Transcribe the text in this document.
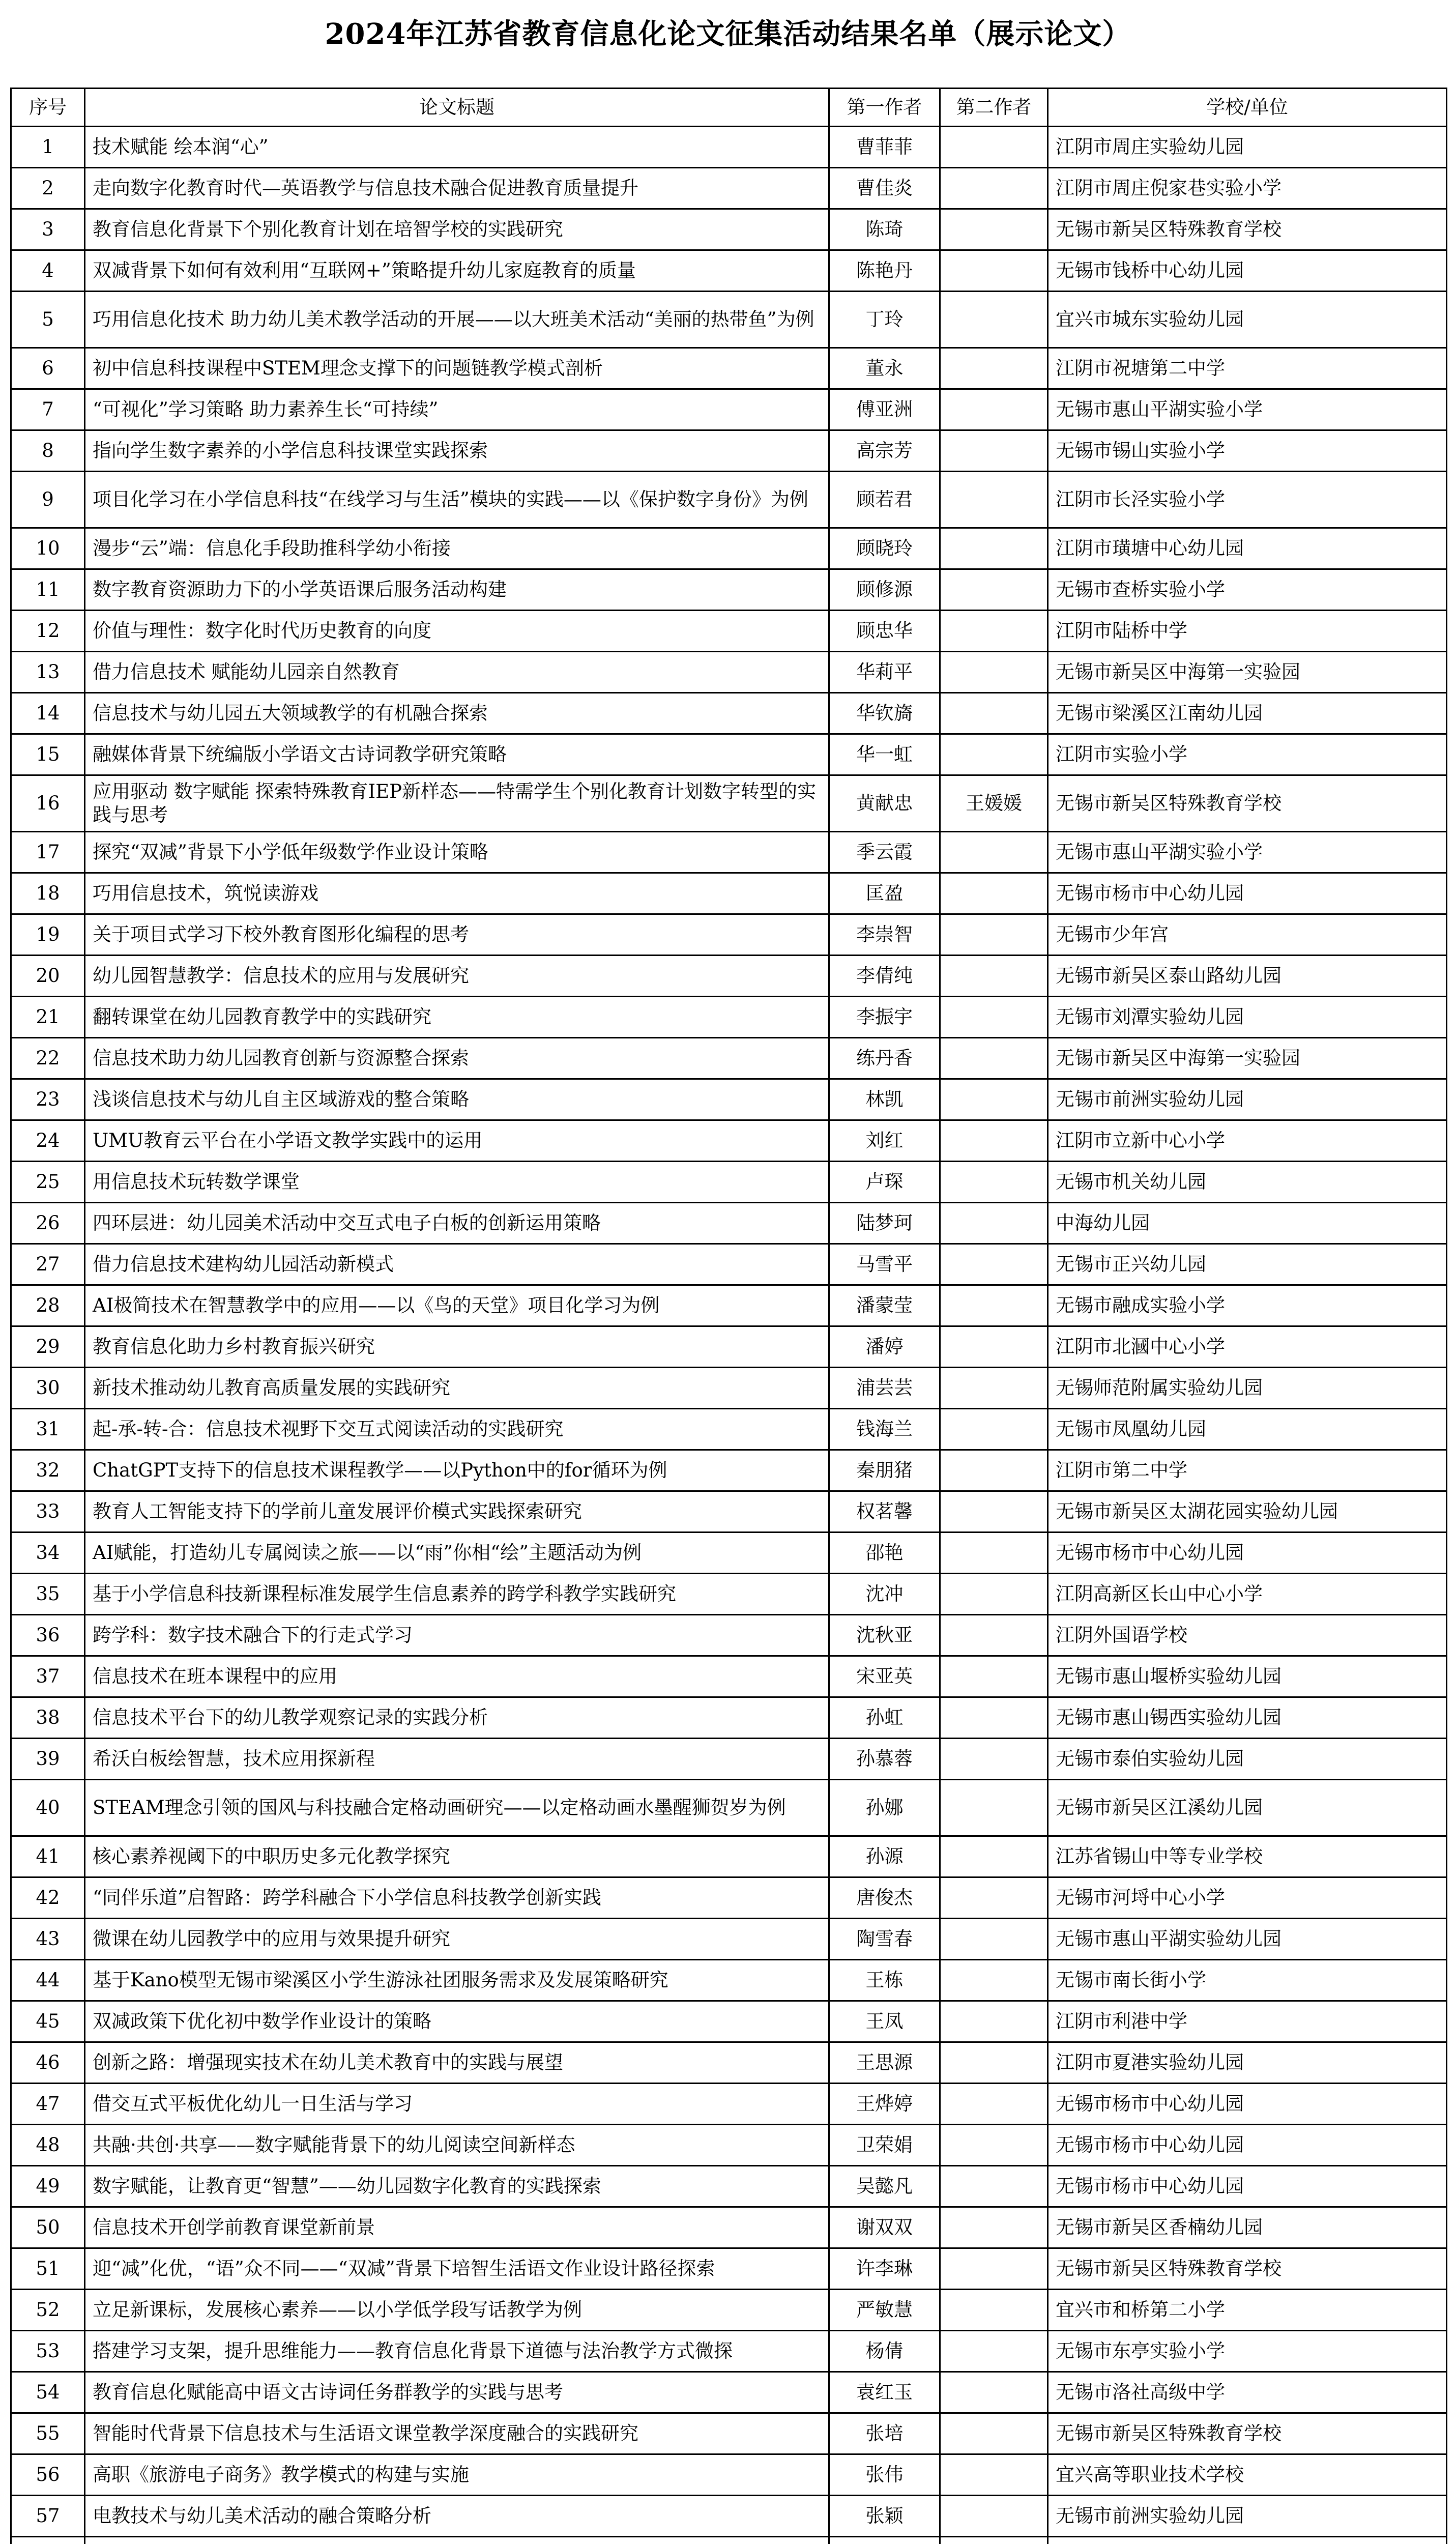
2024年江苏省教育信息化论文征集活动结果名单（展示论文）
序号	论文标题	第一作者	第二作者	学校/单位
1	技术赋能 绘本润“心”	曹菲菲		江阴市周庄实验幼儿园
2	走向数字化教育时代—英语教学与信息技术融合促进教育质量提升	曹佳炎		江阴市周庄倪家巷实验小学
3	教育信息化背景下个别化教育计划在培智学校的实践研究	陈琦		无锡市新吴区特殊教育学校
4	双减背景下如何有效利用“互联网+”策略提升幼儿家庭教育的质量	陈艳丹		无锡市钱桥中心幼儿园
5	巧用信息化技术 助力幼儿美术教学活动的开展——以大班美术活动“美丽的热带鱼”为例	丁玲		宜兴市城东实验幼儿园
6	初中信息科技课程中STEM理念支撑下的问题链教学模式剖析	董永		江阴市祝塘第二中学
7	“可视化”学习策略 助力素养生长“可持续”	傅亚洲		无锡市惠山平湖实验小学
8	指向学生数字素养的小学信息科技课堂实践探索	高宗芳		无锡市锡山实验小学
9	项目化学习在小学信息科技“在线学习与生活”模块的实践——以《保护数字身份》为例	顾若君		江阴市长泾实验小学
10	漫步“云”端：信息化手段助推科学幼小衔接	顾晓玲		江阴市璜塘中心幼儿园
11	数字教育资源助力下的小学英语课后服务活动构建	顾修源		无锡市查桥实验小学
12	价值与理性：数字化时代历史教育的向度	顾忠华		江阴市陆桥中学
13	借力信息技术 赋能幼儿园亲自然教育	华莉平		无锡市新吴区中海第一实验园
14	信息技术与幼儿园五大领域教学的有机融合探索	华钦旖		无锡市梁溪区江南幼儿园
15	融媒体背景下统编版小学语文古诗词教学研究策略	华一虹		江阴市实验小学
16	应用驱动 数字赋能 探索特殊教育IEP新样态——特需学生个别化教育计划数字转型的实践与思考	黄献忠	王媛媛	无锡市新吴区特殊教育学校
17	探究“双减”背景下小学低年级数学作业设计策略	季云霞		无锡市惠山平湖实验小学
18	巧用信息技术，筑悦读游戏	匡盈		无锡市杨市中心幼儿园
19	关于项目式学习下校外教育图形化编程的思考	李崇智		无锡市少年宫
20	幼儿园智慧教学：信息技术的应用与发展研究	李倩纯		无锡市新吴区泰山路幼儿园
21	翻转课堂在幼儿园教育教学中的实践研究	李振宇		无锡市刘潭实验幼儿园
22	信息技术助力幼儿园教育创新与资源整合探索	练丹香		无锡市新吴区中海第一实验园
23	浅谈信息技术与幼儿自主区域游戏的整合策略	林凯		无锡市前洲实验幼儿园
24	UMU教育云平台在小学语文教学实践中的运用	刘红		江阴市立新中心小学
25	用信息技术玩转数学课堂	卢琛		无锡市机关幼儿园
26	四环层进：幼儿园美术活动中交互式电子白板的创新运用策略	陆梦珂		中海幼儿园
27	借力信息技术建构幼儿园活动新模式	马雪平		无锡市正兴幼儿园
28	AI极简技术在智慧教学中的应用——以《鸟的天堂》项目化学习为例	潘蒙莹		无锡市融成实验小学
29	教育信息化助力乡村教育振兴研究	潘婷		江阴市北漍中心小学
30	新技术推动幼儿教育高质量发展的实践研究	浦芸芸		无锡师范附属实验幼儿园
31	起-承-转-合：信息技术视野下交互式阅读活动的实践研究	钱海兰		无锡市凤凰幼儿园
32	ChatGPT支持下的信息技术课程教学——以Python中的for循环为例	秦朋猪		江阴市第二中学
33	教育人工智能支持下的学前儿童发展评价模式实践探索研究	权茗馨		无锡市新吴区太湖花园实验幼儿园
34	AI赋能，打造幼儿专属阅读之旅——以“雨”你相“绘”主题活动为例	邵艳		无锡市杨市中心幼儿园
35	基于小学信息科技新课程标准发展学生信息素养的跨学科教学实践研究	沈冲		江阴高新区长山中心小学
36	跨学科：数字技术融合下的行走式学习	沈秋亚		江阴外国语学校
37	信息技术在班本课程中的应用	宋亚英		无锡市惠山堰桥实验幼儿园
38	信息技术平台下的幼儿教学观察记录的实践分析	孙虹		无锡市惠山锡西实验幼儿园
39	希沃白板绘智慧，技术应用探新程	孙慕蓉		无锡市泰伯实验幼儿园
40	STEAM理念引领的国风与科技融合定格动画研究——以定格动画水墨醒狮贺岁为例	孙娜		无锡市新吴区江溪幼儿园
41	核心素养视阈下的中职历史多元化教学探究	孙源		江苏省锡山中等专业学校
42	“同伴乐道”启智路：跨学科融合下小学信息科技教学创新实践	唐俊杰		无锡市河埒中心小学
43	微课在幼儿园教学中的应用与效果提升研究	陶雪春		无锡市惠山平湖实验幼儿园
44	基于Kano模型无锡市梁溪区小学生游泳社团服务需求及发展策略研究	王栋		无锡市南长街小学
45	双减政策下优化初中数学作业设计的策略	王凤		江阴市利港中学
46	创新之路：增强现实技术在幼儿美术教育中的实践与展望	王思源		江阴市夏港实验幼儿园
47	借交互式平板优化幼儿一日生活与学习	王烨婷		无锡市杨市中心幼儿园
48	共融·共创·共享——数字赋能背景下的幼儿阅读空间新样态	卫荣娟		无锡市杨市中心幼儿园
49	数字赋能，让教育更“智慧”——幼儿园数字化教育的实践探索	吴懿凡		无锡市杨市中心幼儿园
50	信息技术开创学前教育课堂新前景	谢双双		无锡市新吴区香楠幼儿园
51	迎“减”化优，“语”众不同——“双减”背景下培智生活语文作业设计路径探索	许李琳		无锡市新吴区特殊教育学校
52	立足新课标，发展核心素养——以小学低学段写话教学为例	严敏慧		宜兴市和桥第二小学
53	搭建学习支架，提升思维能力——教育信息化背景下道德与法治教学方式微探	杨倩		无锡市东亭实验小学
54	教育信息化赋能高中语文古诗词任务群教学的实践与思考	袁红玉		无锡市洛社高级中学
55	智能时代背景下信息技术与生活语文课堂教学深度融合的实践研究	张培		无锡市新吴区特殊教育学校
56	高职《旅游电子商务》教学模式的构建与实施	张伟		宜兴高等职业技术学校
57	电教技术与幼儿美术活动的融合策略分析	张颖		无锡市前洲实验幼儿园
